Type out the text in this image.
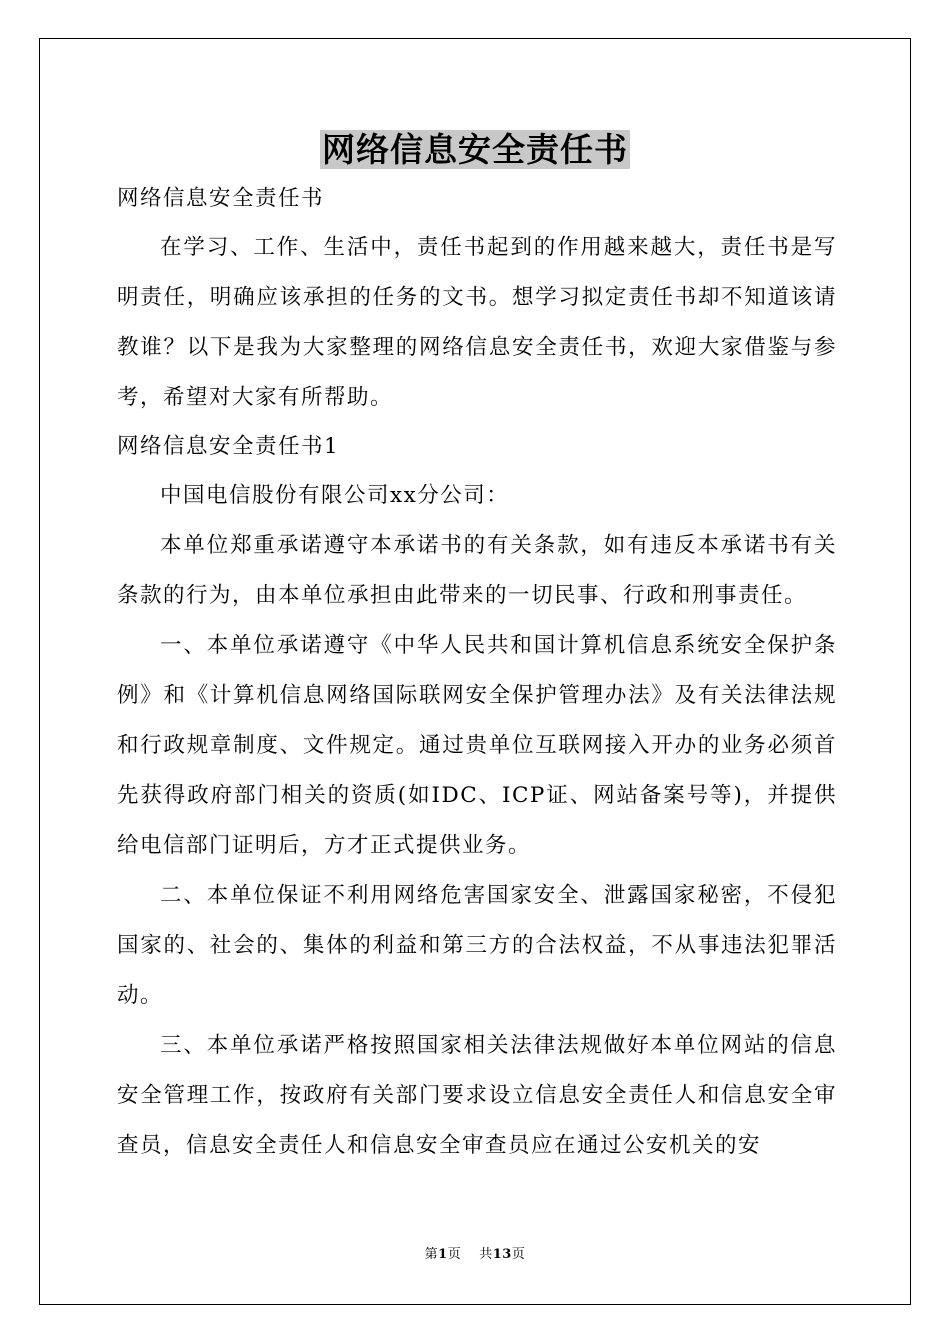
网络信息安全责任书

网络信息安全责任书

在学习、工作、生活中，责任书起到的作用越来越大，责任书是写明责任，明确应该承担的任务的文书。想学习拟定责任书却不知道该请教谁？以下是我为大家整理的网络信息安全责任书，欢迎大家借鉴与参考，希望对大家有所帮助。

网络信息安全责任书1

中国电信股份有限公司xx分公司：

本单位郑重承诺遵守本承诺书的有关条款，如有违反本承诺书有关条款的行为，由本单位承担由此带来的一切民事、行政和刑事责任。

一、本单位承诺遵守《中华人民共和国计算机信息系统安全保护条例》和《计算机信息网络国际联网安全保护管理办法》及有关法律法规和行政规章制度、文件规定。通过贵单位互联网接入开办的业务必须首先获得政府部门相关的资质(如IDC、ICP证、网站备案号等)，并提供给电信部门证明后，方才正式提供业务。

二、本单位保证不利用网络危害国家安全、泄露国家秘密，不侵犯国家的、社会的、集体的利益和第三方的合法权益，不从事违法犯罪活动。

三、本单位承诺严格按照国家相关法律法规做好本单位网站的信息安全管理工作，按政府有关部门要求设立信息安全责任人和信息安全审查员，信息安全责任人和信息安全审查员应在通过公安机关的安

第1页 共13页
